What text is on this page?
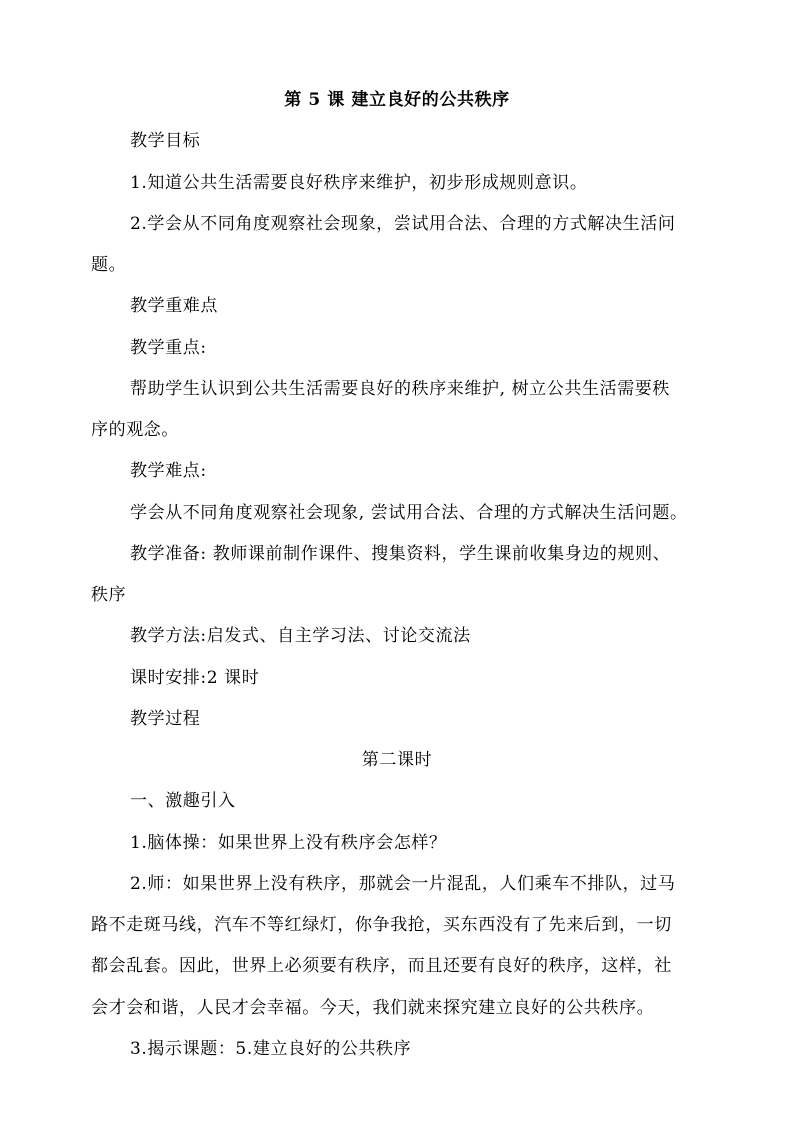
第 5 课 建立良好的公共秩序
教学目标
1.知道公共生活需要良好秩序来维护，初步形成规则意识。
2.学会从不同角度观察社会现象，尝试用合法、合理的方式解决生活问
题。
教学重难点
教学重点:
帮助学生认识到公共生活需要良好的秩序来维护, 树立公共生活需要秩
序的观念。
教学难点:
学会从不同角度观察社会现象, 尝试用合法、合理的方式解决生活问题。
教学准备: 教师课前制作课件、搜集资料，学生课前收集身边的规则、
秩序
教学方法:启发式、自主学习法、讨论交流法
课时安排:2 课时
教学过程
第二课时
一、激趣引入
1.脑体操：如果世界上没有秩序会怎样？
2.师：如果世界上没有秩序，那就会一片混乱，人们乘车不排队，过马
路不走斑马线，汽车不等红绿灯，你争我抢，买东西没有了先来后到，一切
都会乱套。因此，世界上必须要有秩序，而且还要有良好的秩序，这样，社
会才会和谐，人民才会幸福。今天，我们就来探究建立良好的公共秩序。
3.揭示课题：5.建立良好的公共秩序
